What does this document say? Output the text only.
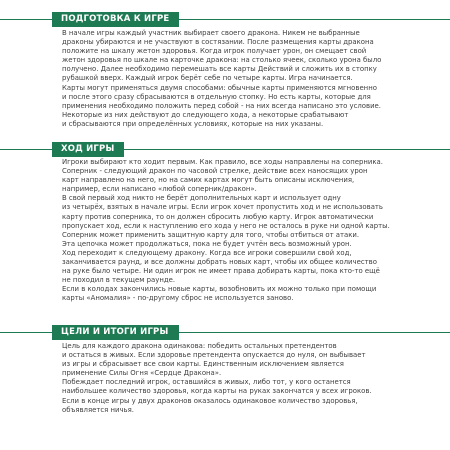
ПОДГОТОВКА К ИГРЕ

В начале игры каждый участник выбирает своего дракона. Никем не выбранные

драконы убираются и не участвуют в состязании. После размещения карты дракона

положите на шкалу жетон здоровья. Когда игрок получает урон, он смещает свой

жетон здоровья по шкале на карточке дракона: на столько ячеек, сколько урона было

получено. Далее необходимо перемешать все карты Действий и сложить их в стопку

рубашкой вверх. Каждый игрок берёт себе по четыре карты. Игра начинается.

Карты могут применяться двумя способами: обычные карты применяются мгновенно

и после этого сразу сбрасываются в отдельную стопку. Но есть карты, которые для

применения необходимо положить перед собой - на них всегда написано это условие.

Некоторые из них действуют до следующего хода, а некоторые срабатывают

и сбрасываются при определённых условиях, которые на них указаны.

ХОД ИГРЫ

Игроки выбирают кто ходит первым. Как правило, все ходы направлены на соперника.

Соперник - следующий дракон по часовой стрелке, действие всех наносящих урон

карт направлено на него, но на самих картах могут быть описаны исключения,

например, если написано «любой соперник/дракон».

В свой первый ход никто не берёт дополнительных карт и использует одну

из четырёх, взятых в начале игры. Если игрок хочет пропустить ход и не использовать

карту против соперника, то он должен сбросить любую карту. Игрок автоматически

пропускает ход, если к наступлению его хода у него не осталось в руке ни одной карты.

Соперник может применить защитную карту для того, чтобы отбиться от атаки.

Эта цепочка может продолжаться, пока не будет учтён весь возможный урон.

Ход переходит к следующему дракону. Когда все игроки совершили свой ход,

заканчивается раунд, и все должны добрать новых карт, чтобы их общее количество

на руке было четыре. Ни один игрок не имеет права добирать карты, пока кто-то ещё

не походил в текущем раунде.

Если в колодах закончились новые карты, возобновить их можно только при помощи

карты «Аномалия» - по-другому сброс не используется заново.

ЦЕЛИ И ИТОГИ ИГРЫ

Цель для каждого дракона одинакова: победить остальных претендентов

и остаться в живых. Если здоровье претендента опускается до нуля, он выбывает

из игры и сбрасывает все свои карты. Единственным исключением является

применение Силы Огня «Сердце Дракона».

Побеждает последний игрок, оставшийся в живых, либо тот, у кого останется

наибольшее количество здоровья, когда карты на руках закончатся у всех игроков.

Если в конце игры у двух драконов оказалось одинаковое количество здоровья,

объявляется ничья.
